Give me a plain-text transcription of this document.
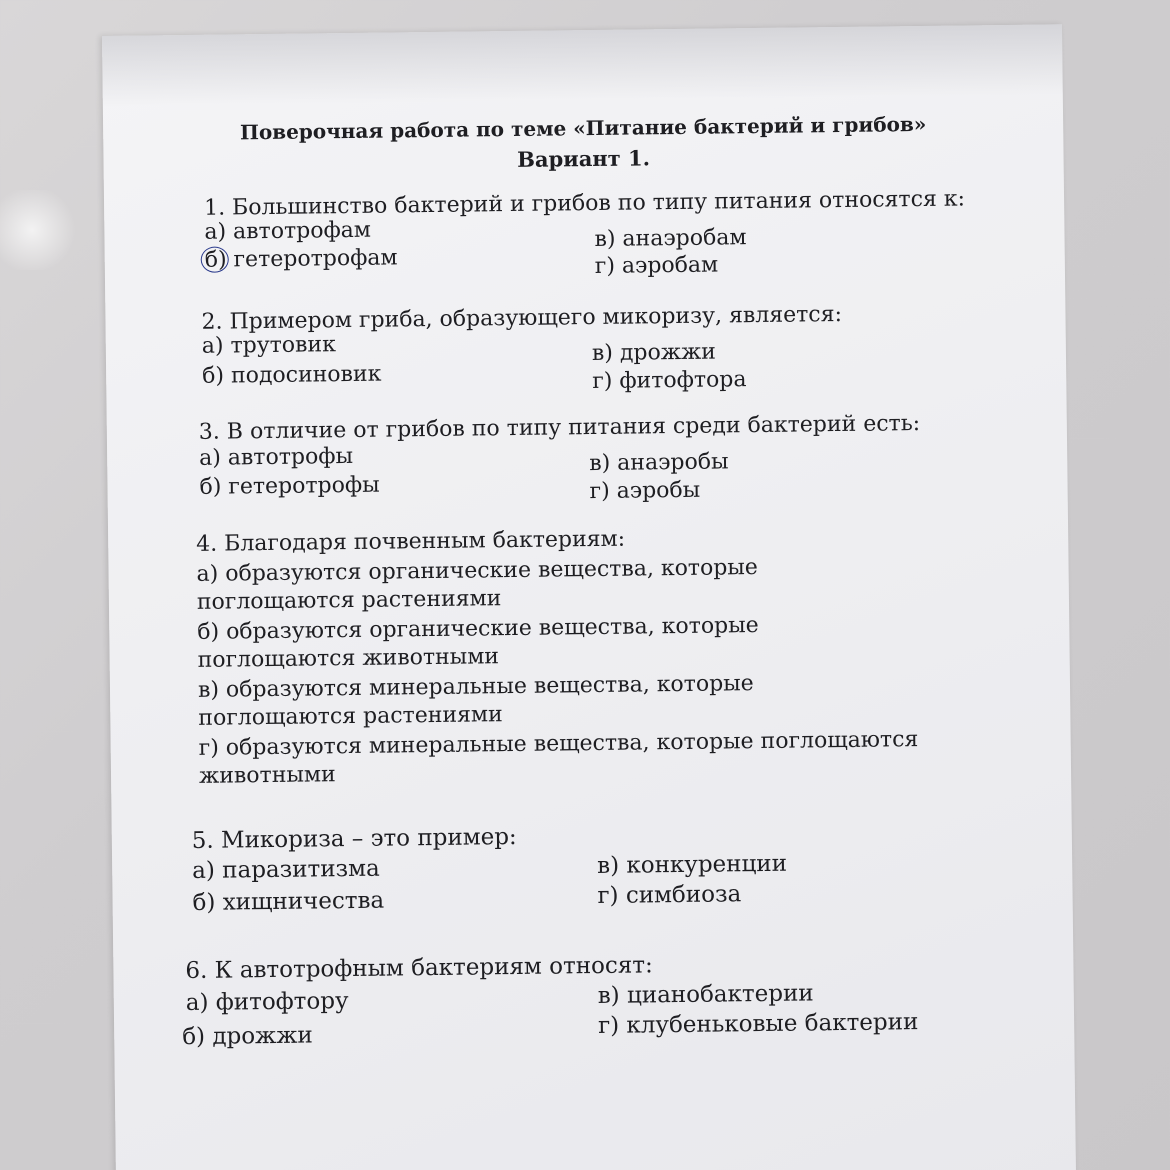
Поверочная работа по теме «Питание бактерий и грибов»
Вариант 1.
1. Большинство бактерий и грибов по типу питания относятся к:
а) автотрофам
б) гетеротрофам
в) анаэробам
г) аэробам
2. Примером гриба, образующего микоризу, является:
а) трутовик
б) подосиновик
в) дрожжи
г) фитофтора
3. В отличие от грибов по типу питания среди бактерий есть:
а) автотрофы
б) гетеротрофы
в) анаэробы
г) аэробы
4. Благодаря почвенным бактериям:
а) образуются органические вещества, которые поглощаются растениями
б) образуются органические вещества, которые поглощаются животными
в) образуются минеральные вещества, которые поглощаются растениями
г) образуются минеральные вещества, которые поглощаются животными
5. Микориза – это пример:
а) паразитизма
б) хищничества
в) конкуренции
г) симбиоза
6. К автотрофным бактериям относят:
а) фитофтору
б) дрожжи
в) цианобактерии
г) клубеньковые бактерии
